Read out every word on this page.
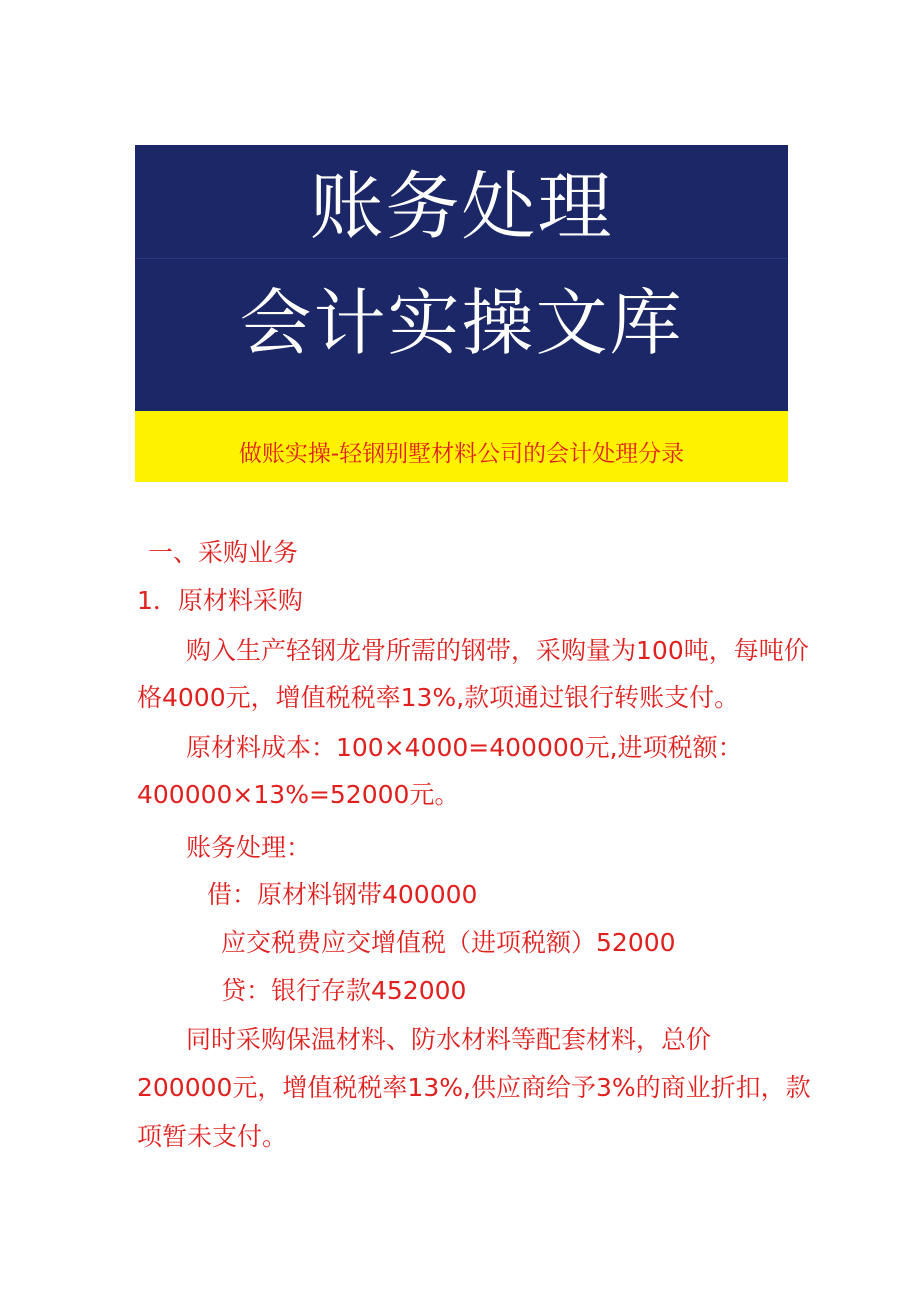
账务处理
会计实操文库
做账实操-轻钢别墅材料公司的会计处理分录
一、采购业务
1．原材料采购
购入生产轻钢龙骨所需的钢带，采购量为100吨，每吨价
格4000元，增值税税率13%,款项通过银行转账支付。
原材料成本：100×4000=400000元,进项税额：
400000×13%=52000元。
账务处理：
借：原材料钢带400000
应交税费应交增值税（进项税额）52000
贷：银行存款452000
同时采购保温材料、防水材料等配套材料，总价
200000元，增值税税率13%,供应商给予3%的商业折扣，款
项暂未支付。
